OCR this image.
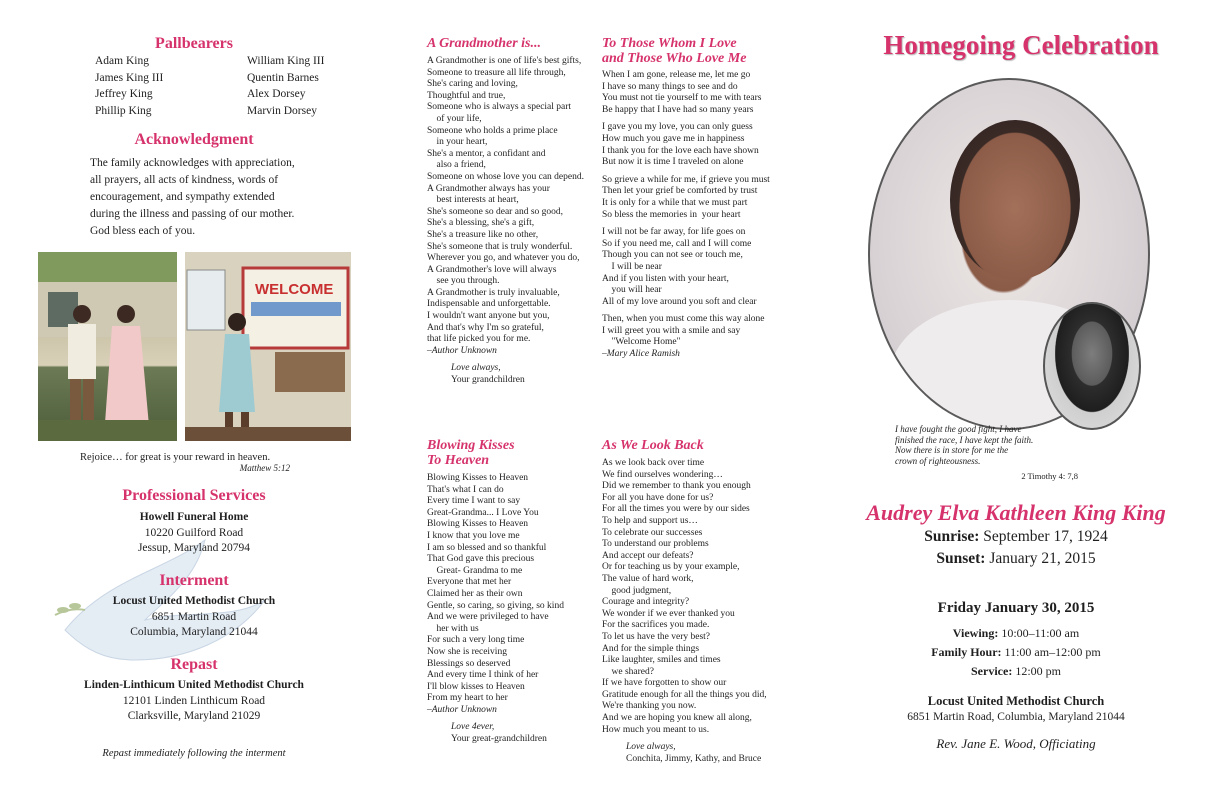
Pallbearers
Adam King	William King III
James King III	Quentin Barnes
Jeffrey King	Alex Dorsey
Phillip King	Marvin Dorsey
Acknowledgment
The family acknowledges with appreciation,
all prayers, all acts of kindness, words of
encouragement, and sympathy extended
during the illness and passing of our mother.
God bless each of you.
WELCOME
Rejoice… for great is your reward in heaven.
Matthew 5:12
Professional Services
Howell Funeral Home
10220 Guilford Road
Jessup, Maryland 20794
Interment
Locust United Methodist Church
6851 Martin Road
Columbia, Maryland 21044
Repast
Linden-Linthicum United Methodist Church
12101 Linden Linthicum Road
Clarksville, Maryland 21029
Repast immediately following the interment
A Grandmother is...
A Grandmother is one of life's best gifts,
Someone to treasure all life through,
She's caring and loving,
Thoughtful and true,
Someone who is always a special part
of your life,
Someone who holds a prime place
in your heart,
She's a mentor, a confidant and
also a friend,
Someone on whose love you can depend.
A Grandmother always has your
best interests at heart,
She's someone so dear and so good,
She's a blessing, she's a gift,
She's a treasure like no other,
She's someone that is truly wonderful.
Wherever you go, and whatever you do,
A Grandmother's love will always
see you through.
A Grandmother is truly invaluable,
Indispensable and unforgettable.
I wouldn't want anyone but you,
And that's why I'm so grateful,
that life picked you for me.
–Author Unknown
Love always,
Your grandchildren
To Those Whom I Love
and Those Who Love Me
When I am gone, release me, let me go
I have so many things to see and do
You must not tie yourself to me with tears
Be happy that I have had so many years
I gave you my love, you can only guess
How much you gave me in happiness
I thank you for the love each have shown
But now it is time I traveled on alone
So grieve a while for me, if grieve you must
Then let your grief be comforted by trust
It is only for a while that we must part
So bless the memories in  your heart
I will not be far away, for life goes on
So if you need me, call and I will come
Though you can not see or touch me,
I will be near
And if you listen with your heart,
you will hear
All of my love around you soft and clear
Then, when you must come this way alone
I will greet you with a smile and say
"Welcome Home"
–Mary Alice Ramish
Blowing Kisses
To Heaven
Blowing Kisses to Heaven
That's what I can do
Every time I want to say
Great-Grandma... I Love You
Blowing Kisses to Heaven
I know that you love me
I am so blessed and so thankful
That God gave this precious
Great- Grandma to me
Everyone that met her
Claimed her as their own
Gentle, so caring, so giving, so kind
And we were privileged to have
her with us
For such a very long time
Now she is receiving
Blessings so deserved
And every time I think of her
I'll blow kisses to Heaven
From my heart to her
–Author Unknown
Love 4ever,
Your great-grandchildren
As We Look Back
As we look back over time
We find ourselves wondering…
Did we remember to thank you enough
For all you have done for us?
For all the times you were by our sides
To help and support us…
To celebrate our successes
To understand our problems
And accept our defeats?
Or for teaching us by your example,
The value of hard work,
good judgment,
Courage and integrity?
We wonder if we ever thanked you
For the sacrifices you made.
To let us have the very best?
And for the simple things
Like laughter, smiles and times
we shared?
If we have forgotten to show our
Gratitude enough for all the things you did,
We're thanking you now.
And we are hoping you knew all along,
How much you meant to us.
Love always,
Conchita, Jimmy, Kathy, and Bruce
Homegoing Celebration
I have fought the good fight, I have
finished the race, I have kept the faith.
Now there is in store for me the
crown of righteousness.
2 Timothy 4: 7,8
Audrey Elva Kathleen King King
Sunrise: September 17, 1924
Sunset: January 21, 2015
Friday January 30, 2015
Viewing: 10:00–11:00 am
Family Hour: 11:00 am–12:00 pm
Service: 12:00 pm
Locust United Methodist Church
6851 Martin Road, Columbia, Maryland 21044
Rev. Jane E. Wood, Officiating
